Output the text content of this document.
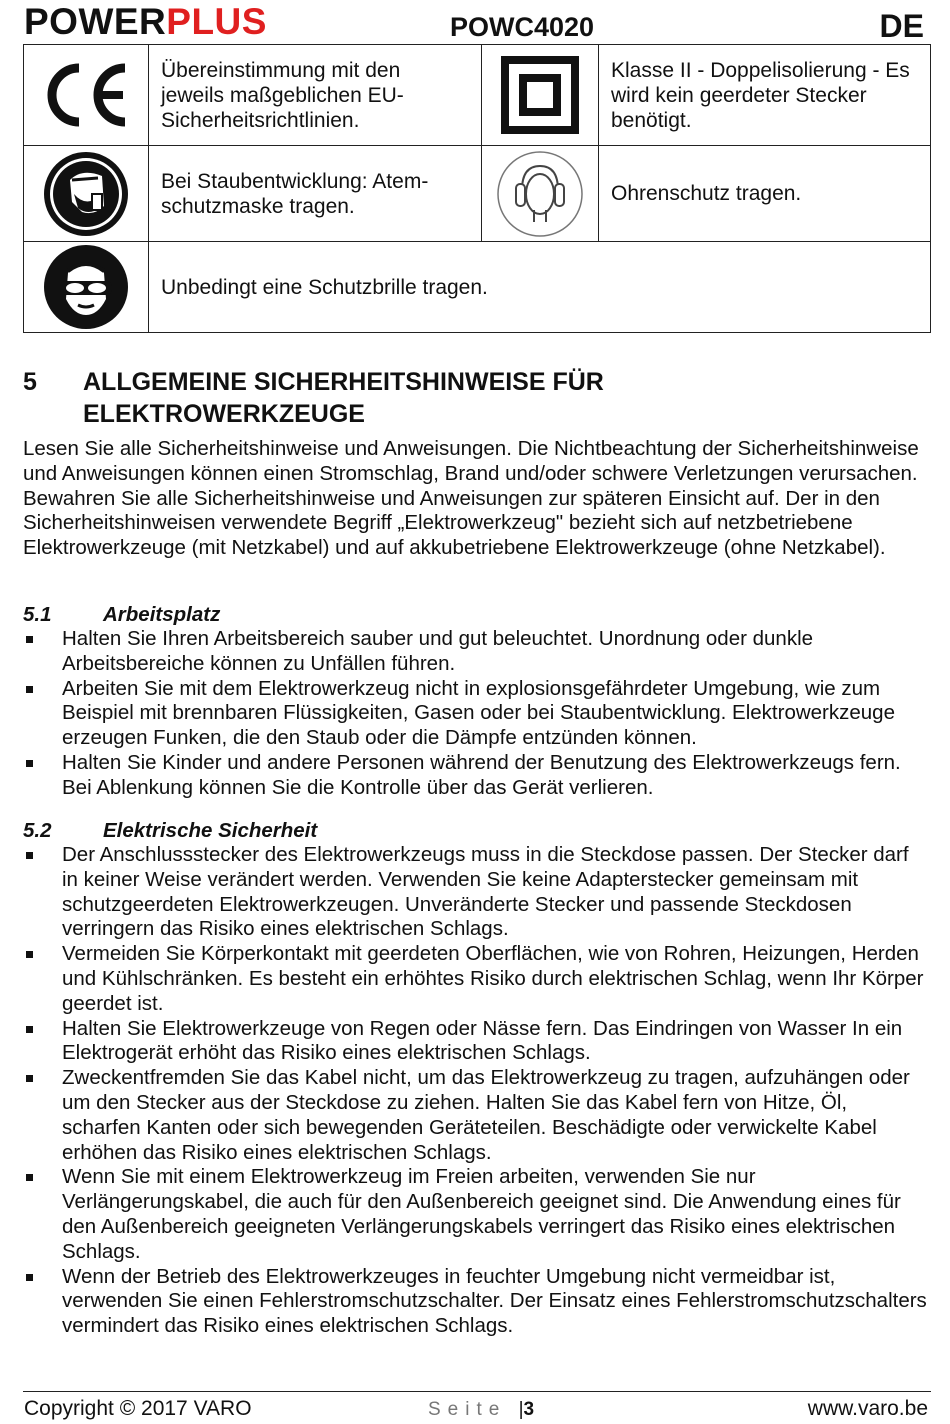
POWERPLUS	POWC4020	DE
	Übereinstimmung mit den jeweils maßgeblichen EU-Sicherheitsrichtlinien.		Klasse II - Doppelisolierung - Es wird kein geerdeter Stecker benötigt.
	Bei Staubentwicklung: Atem-schutzmaske tragen.		Ohrenschutz tragen.
	Unbedingt eine Schutzbrille tragen.		
5 ALLGEMEINE SICHERHEITSHINWEISE FÜR ELEKTROWERKZEUGE
Lesen Sie alle Sicherheitshinweise und Anweisungen. Die Nichtbeachtung der Sicherheitshinweise und Anweisungen können einen Stromschlag, Brand und/oder schwere Verletzungen verursachen. Bewahren Sie alle Sicherheitshinweise und Anweisungen zur späteren Einsicht auf. Der in den Sicherheitshinweisen verwendete Begriff „Elektrowerkzeug" bezieht sich auf netzbetriebene Elektrowerkzeuge (mit Netzkabel) und auf akkubetriebene Elektrowerkzeuge (ohne Netzkabel).
5.1	Arbeitsplatz
Halten Sie Ihren Arbeitsbereich sauber und gut beleuchtet. Unordnung oder dunkle Arbeitsbereiche können zu Unfällen führen.
Arbeiten Sie mit dem Elektrowerkzeug nicht in explosionsgefährdeter Umgebung, wie zum Beispiel mit brennbaren Flüssigkeiten, Gasen oder bei Staubentwicklung. Elektrowerkzeuge erzeugen Funken, die den Staub oder die Dämpfe entzünden können.
Halten Sie Kinder und andere Personen während der Benutzung des Elektrowerkzeugs fern. Bei Ablenkung können Sie die Kontrolle über das Gerät verlieren.
5.2	Elektrische Sicherheit
Der Anschlussstecker des Elektrowerkzeugs muss in die Steckdose passen. Der Stecker darf in keiner Weise verändert werden. Verwenden Sie keine Adapterstecker gemeinsam mit schutzgeerdeten Elektrowerkzeugen. Unveränderte Stecker und passende Steckdosen verringern das Risiko eines elektrischen Schlags.
Vermeiden Sie Körperkontakt mit geerdeten Oberflächen, wie von Rohren, Heizungen, Herden und Kühlschränken. Es besteht ein erhöhtes Risiko durch elektrischen Schlag, wenn Ihr Körper geerdet ist.
Halten Sie Elektrowerkzeuge von Regen oder Nässe fern. Das Eindringen von Wasser In ein Elektrogerät erhöht das Risiko eines elektrischen Schlags.
Zweckentfremden Sie das Kabel nicht, um das Elektrowerkzeug zu tragen, aufzuhängen oder um den Stecker aus der Steckdose zu ziehen. Halten Sie das Kabel fern von Hitze, Öl, scharfen Kanten oder sich bewegenden Geräteteilen. Beschädigte oder verwickelte Kabel erhöhen das Risiko eines elektrischen Schlags.
Wenn Sie mit einem Elektrowerkzeug im Freien arbeiten, verwenden Sie nur Verlängerungskabel, die auch für den Außenbereich geeignet sind. Die Anwendung eines für den Außenbereich geeigneten Verlängerungskabels verringert das Risiko eines elektrischen Schlags.
Wenn der Betrieb des Elektrowerkzeuges in feuchter Umgebung nicht vermeidbar ist, verwenden Sie einen Fehlerstromschutzschalter. Der Einsatz eines Fehlerstromschutzschalters vermindert das Risiko eines elektrischen Schlags.
Copyright © 2017 VARO	Seite |3	www.varo.be
